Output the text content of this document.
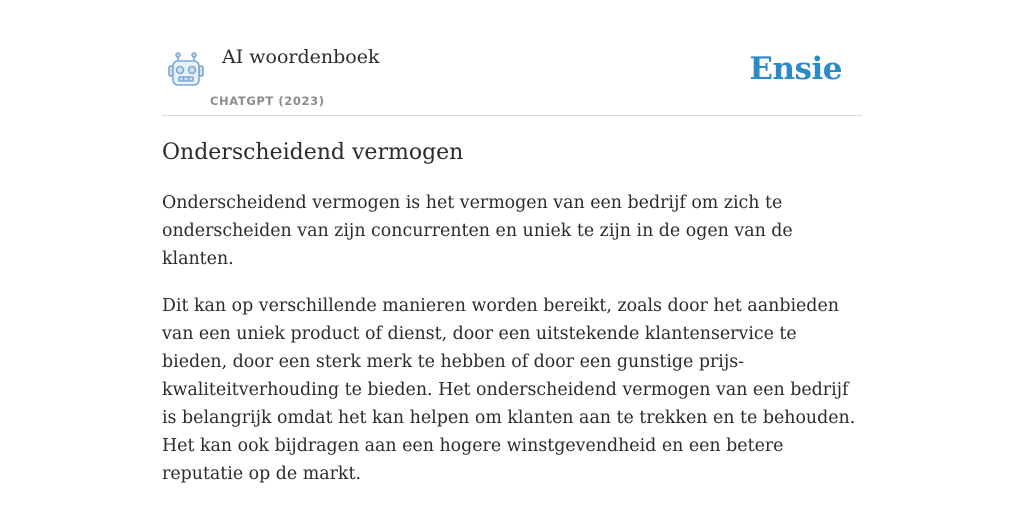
AI woordenboek
CHATGPT (2023)
Ensie
Onderscheidend vermogen

Onderscheidend vermogen is het vermogen van een bedrijf om zich te onderscheiden van zijn concurrenten en uniek te zijn in de ogen van de klanten.

Dit kan op verschillende manieren worden bereikt, zoals door het aanbieden van een uniek product of dienst, door een uitstekende klantenservice te bieden, door een sterk merk te hebben of door een gunstige prijs-kwaliteitverhouding te bieden. Het onderscheidend vermogen van een bedrijf is belangrijk omdat het kan helpen om klanten aan te trekken en te behouden. Het kan ook bijdragen aan een hogere winstgevendheid en een betere reputatie op de markt.
